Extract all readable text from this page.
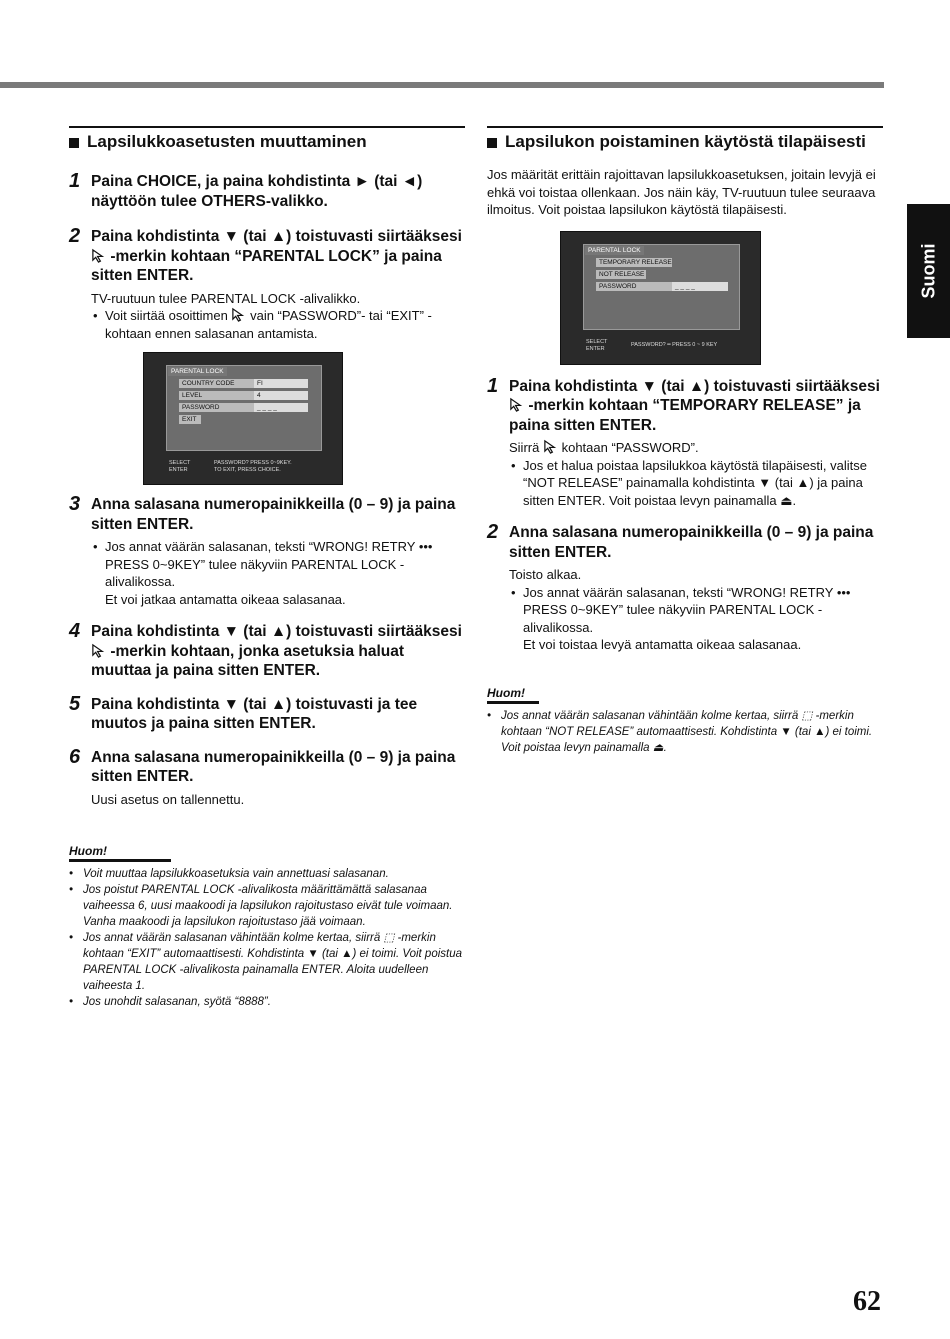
Suomi
Lapsilukkoasetusten muuttaminen
1 Paina CHOICE, ja paina kohdistinta ► (tai ◄) näyttöön tulee OTHERS-valikko.
2 Paina kohdistinta ▼ (tai ▲) toistuvasti siirtääksesi  -merkin kohtaan “PARENTAL LOCK” ja paina sitten ENTER.
TV-ruutuun tulee PARENTAL LOCK -alivalikko.
• Voit siirtää osoittimen vain “PASSWORD”- tai “EXIT” -kohtaan ennen salasanan antamista.
PARENTAL LOCK
COUNTRY CODE	FI
LEVEL	4
PASSWORD	_ _ _ _
EXIT
SELECT
ENTER
PASSWORD? PRESS 0~9KEY.
TO EXIT, PRESS CHOICE.
3 Anna salasana numeropainikkeilla (0 – 9) ja paina sitten ENTER.
• Jos annat väärän salasanan, teksti “WRONG! RETRY ••• PRESS 0~9KEY” tulee näkyviin PARENTAL LOCK -alivalikossa.
Et voi jatkaa antamatta oikeaa salasanaa.
4 Paina kohdistinta ▼ (tai ▲) toistuvasti siirtääksesi  -merkin kohtaan, jonka asetuksia haluat muuttaa ja paina sitten ENTER.
5 Paina kohdistinta ▼ (tai ▲) toistuvasti ja tee muutos ja paina sitten ENTER.
6 Anna salasana numeropainikkeilla (0 – 9) ja paina sitten ENTER.
Uusi asetus on tallennettu.
Huom!
• Voit muuttaa lapsilukkoasetuksia vain annettuasi salasanan.
• Jos poistut PARENTAL LOCK -alivalikosta määrittämättä salasanaa vaiheessa 6, uusi maakoodi ja lapsilukon rajoitustaso eivät tule voimaan. Vanha maakoodi ja lapsilukon rajoitustaso jää voimaan.
• Jos annat väärän salasanan vähintään kolme kertaa, siirrä ⬚ -merkin kohtaan “EXIT” automaattisesti. Kohdistinta ▼ (tai ▲) ei toimi. Voit poistua PARENTAL LOCK -alivalikosta painamalla ENTER. Aloita uudelleen vaiheesta 1.
• Jos unohdit salasanan, syötä “8888”.
Lapsilukon poistaminen käytöstä tilapäisesti
Jos määrität erittäin rajoittavan lapsilukkoasetuksen, joitain levyjä ei ehkä voi toistaa ollenkaan. Jos näin käy, TV-ruutuun tulee seuraava ilmoitus. Voit poistaa lapsilukon käytöstä tilapäisesti.
PARENTAL LOCK
TEMPORARY RELEASE
NOT RELEASE
PASSWORD	_ _ _ _
SELECT
ENTER
PASSWORD? ━ PRESS 0 ~ 9 KEY
1 Paina kohdistinta ▼ (tai ▲) toistuvasti siirtääksesi  -merkin kohtaan “TEMPORARY RELEASE” ja paina sitten ENTER.
Siirrä kohtaan “PASSWORD”.
• Jos et halua poistaa lapsilukkoa käytöstä tilapäisesti, valitse “NOT RELEASE” painamalla kohdistinta ▼ (tai ▲) ja paina sitten ENTER. Voit poistaa levyn painamalla ⏏.
2 Anna salasana numeropainikkeilla (0 – 9) ja paina sitten ENTER.
Toisto alkaa.
• Jos annat väärän salasanan, teksti “WRONG! RETRY ••• PRESS 0~9KEY” tulee näkyviin PARENTAL LOCK -alivalikossa.
Et voi toistaa levyä antamatta oikeaa salasanaa.
Huom!
• Jos annat väärän salasanan vähintään kolme kertaa, siirrä ⬚ -merkin kohtaan “NOT RELEASE” automaattisesti. Kohdistinta ▼ (tai ▲) ei toimi. Voit poistaa levyn painamalla ⏏.
62
